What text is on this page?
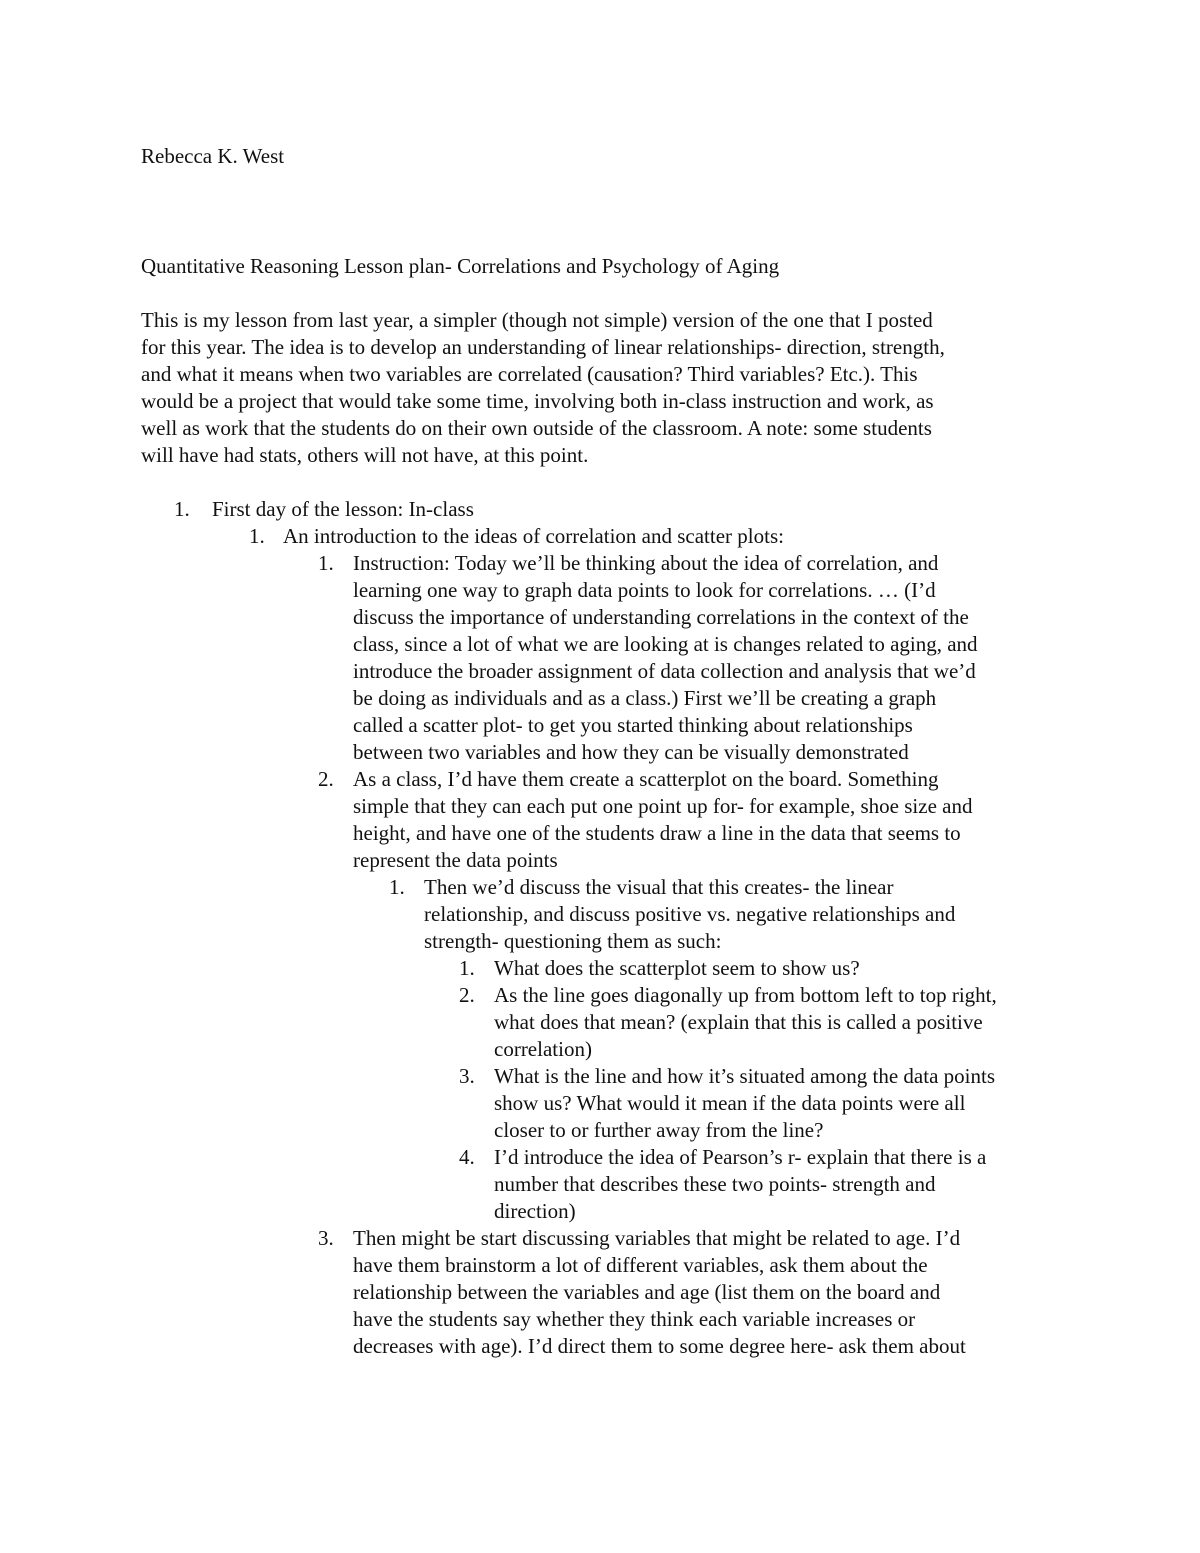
Rebecca K. West
Quantitative Reasoning Lesson plan- Correlations and Psychology of Aging
This is my lesson from last year, a simpler (though not simple) version of the one that I posted
for this year. The idea is to develop an understanding of linear relationships- direction, strength,
and what it means when two variables are correlated (causation? Third variables? Etc.). This
would be a project that would take some time, involving both in-class instruction and work, as
well as work that the students do on their own outside of the classroom. A note: some students
will have had stats, others will not have, at this point.
1. First day of the lesson: In-class
1. An introduction to the ideas of correlation and scatter plots:
1. Instruction: Today we’ll be thinking about the idea of correlation, and
learning one way to graph data points to look for correlations. … (I’d
discuss the importance of understanding correlations in the context of the
class, since a lot of what we are looking at is changes related to aging, and
introduce the broader assignment of data collection and analysis that we’d
be doing as individuals and as a class.) First we’ll be creating a graph
called a scatter plot- to get you started thinking about relationships
between two variables and how they can be visually demonstrated
2. As a class, I’d have them create a scatterplot on the board. Something
simple that they can each put one point up for- for example, shoe size and
height, and have one of the students draw a line in the data that seems to
represent the data points
1. Then we’d discuss the visual that this creates- the linear
relationship, and discuss positive vs. negative relationships and
strength- questioning them as such:
1. What does the scatterplot seem to show us?
2. As the line goes diagonally up from bottom left to top right,
what does that mean? (explain that this is called a positive
correlation)
3. What is the line and how it’s situated among the data points
show us? What would it mean if the data points were all
closer to or further away from the line?
4. I’d introduce the idea of Pearson’s r- explain that there is a
number that describes these two points- strength and
direction)
3. Then might be start discussing variables that might be related to age. I’d
have them brainstorm a lot of different variables, ask them about the
relationship between the variables and age (list them on the board and
have the students say whether they think each variable increases or
decreases with age). I’d direct them to some degree here- ask them about
